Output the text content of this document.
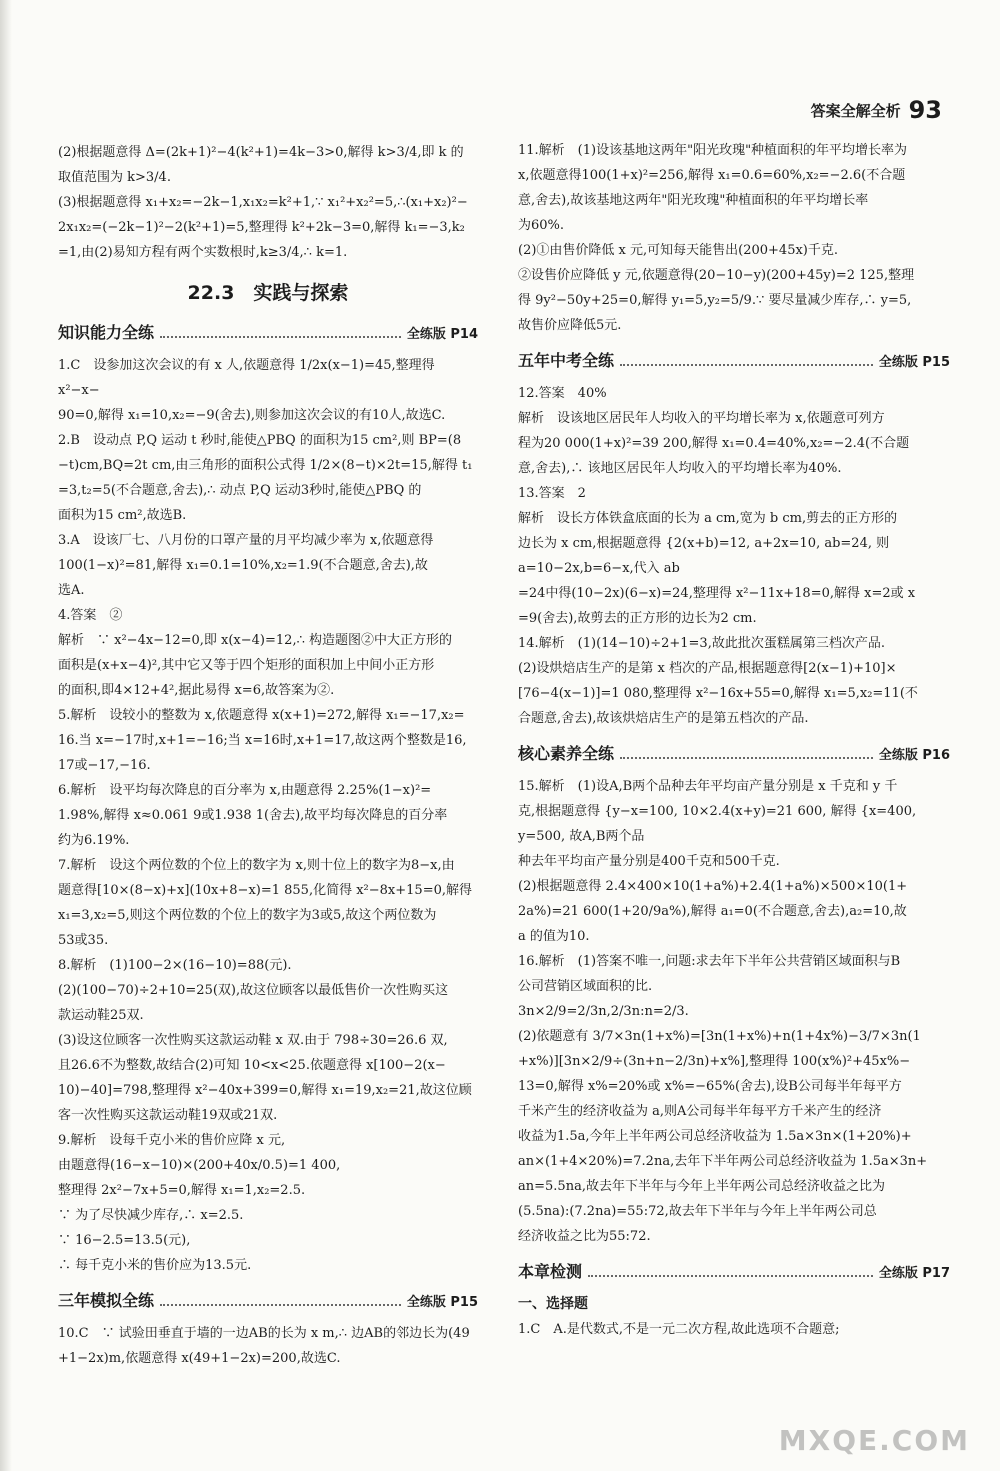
答案全解全析 93

(2)根据题意得 Δ=(2k+1)²−4(k²+1)=4k−3>0,解得 k>3/4,即 k 的

取值范围为 k>3/4.

(3)根据题意得 x₁+x₂=−2k−1,x₁x₂=k²+1,∵ x₁²+x₂²=5,∴(x₁+x₂)²−

2x₁x₂=(−2k−1)²−2(k²+1)=5,整理得 k²+2k−3=0,解得 k₁=−3,k₂

=1,由(2)易知方程有两个实数根时,k≥3/4,∴ k=1.

22.3　实践与探索
知识能力全练	全练版 P14

1.C　设参加这次会议的有 x 人,依题意得 1/2x(x−1)=45,整理得 x²−x−

90=0,解得 x₁=10,x₂=−9(舍去),则参加这次会议的有10人,故选C.

2.B　设动点 P,Q 运动 t 秒时,能使△PBQ 的面积为15 cm²,则 BP=(8

−t)cm,BQ=2t cm,由三角形的面积公式得 1/2×(8−t)×2t=15,解得 t₁

=3,t₂=5(不合题意,舍去),∴ 动点 P,Q 运动3秒时,能使△PBQ 的

面积为15 cm²,故选B.

3.A　设该厂七、八月份的口罩产量的月平均减少率为 x,依题意得

100(1−x)²=81,解得 x₁=0.1=10%,x₂=1.9(不合题意,舍去),故

选A.

4.答案　②

解析　∵ x²−4x−12=0,即 x(x−4)=12,∴ 构造题图②中大正方形的

面积是(x+x−4)²,其中它又等于四个矩形的面积加上中间小正方形

的面积,即4×12+4²,据此易得 x=6,故答案为②.

5.解析　设较小的整数为 x,依题意得 x(x+1)=272,解得 x₁=−17,x₂=

16.当 x=−17时,x+1=−16;当 x=16时,x+1=17,故这两个整数是16,

17或−17,−16.

6.解析　设平均每次降息的百分率为 x,由题意得 2.25%(1−x)²=

1.98%,解得 x≈0.061 9或1.938 1(舍去),故平均每次降息的百分率

约为6.19%.

7.解析　设这个两位数的个位上的数字为 x,则十位上的数字为8−x,由

题意得[10×(8−x)+x](10x+8−x)=1 855,化简得 x²−8x+15=0,解得

x₁=3,x₂=5,则这个两位数的个位上的数字为3或5,故这个两位数为

53或35.

8.解析　(1)100−2×(16−10)=88(元).

(2)(100−70)÷2+10=25(双),故这位顾客以最低售价一次性购买这

款运动鞋25双.

(3)设这位顾客一次性购买这款运动鞋 x 双.由于 798÷30=26.6 双,

且26.6不为整数,故结合(2)可知 10<x<25.依题意得 x[100−2(x−

10)−40]=798,整理得 x²−40x+399=0,解得 x₁=19,x₂=21,故这位顾

客一次性购买这款运动鞋19双或21双.

9.解析　设每千克小米的售价应降 x 元,

由题意得(16−x−10)×(200+40x/0.5)=1 400,

整理得 2x²−7x+5=0,解得 x₁=1,x₂=2.5.

∵ 为了尽快减少库存,∴ x=2.5.

∵ 16−2.5=13.5(元),

∴ 每千克小米的售价应为13.5元.

三年模拟全练	全练版 P15

10.C　∵ 试验田垂直于墙的一边AB的长为 x m,∴ 边AB的邻边长为(49

+1−2x)m,依题意得 x(49+1−2x)=200,故选C.

11.解析　(1)设该基地这两年"阳光玫瑰"种植面积的年平均增长率为

x,依题意得100(1+x)²=256,解得 x₁=0.6=60%,x₂=−2.6(不合题

意,舍去),故该基地这两年"阳光玫瑰"种植面积的年平均增长率

为60%.

(2)①由售价降低 x 元,可知每天能售出(200+45x)千克.

②设售价应降低 y 元,依题意得(20−10−y)(200+45y)=2 125,整理

得 9y²−50y+25=0,解得 y₁=5,y₂=5/9.∵ 要尽量减少库存,∴ y=5,

故售价应降低5元.

五年中考全练	全练版 P15

12.答案　40%

解析　设该地区居民年人均收入的平均增长率为 x,依题意可列方

程为20 000(1+x)²=39 200,解得 x₁=0.4=40%,x₂=−2.4(不合题

意,舍去),∴ 该地区居民年人均收入的平均增长率为40%.

13.答案　2

解析　设长方体铁盒底面的长为 a cm,宽为 b cm,剪去的正方形的

边长为 x cm,根据题意得 {2(x+b)=12, a+2x=10, ab=24, 则 a=10−2x,b=6−x,代入 ab

=24中得(10−2x)(6−x)=24,整理得 x²−11x+18=0,解得 x=2或 x

=9(舍去),故剪去的正方形的边长为2 cm.

14.解析　(1)(14−10)÷2+1=3,故此批次蛋糕属第三档次产品.

(2)设烘焙店生产的是第 x 档次的产品,根据题意得[2(x−1)+10]×

[76−4(x−1)]=1 080,整理得 x²−16x+55=0,解得 x₁=5,x₂=11(不

合题意,舍去),故该烘焙店生产的是第五档次的产品.

核心素养全练	全练版 P16

15.解析　(1)设A,B两个品种去年平均亩产量分别是 x 千克和 y 千

克,根据题意得 {y−x=100, 10×2.4(x+y)=21 600, 解得 {x=400, y=500, 故A,B两个品

种去年平均亩产量分别是400千克和500千克.

(2)根据题意得 2.4×400×10(1+a%)+2.4(1+a%)×500×10(1+

2a%)=21 600(1+20/9a%),解得 a₁=0(不合题意,舍去),a₂=10,故

a 的值为10.

16.解析　(1)答案不唯一,问题:求去年下半年公共营销区域面积与B

公司营销区域面积的比.

3n×2/9=2/3n,2/3n:n=2/3.

(2)依题意有 3/7×3n(1+x%)=[3n(1+x%)+n(1+4x%)−3/7×3n(1

+x%)][3n×2/9÷(3n+n−2/3n)+x%],整理得 100(x%)²+45x%−

13=0,解得 x%=20%或 x%=−65%(舍去),设B公司每半年每平方

千米产生的经济收益为 a,则A公司每半年每平方千米产生的经济

收益为1.5a,今年上半年两公司总经济收益为 1.5a×3n×(1+20%)+

an×(1+4×20%)=7.2na,去年下半年两公司总经济收益为 1.5a×3n+

an=5.5na,故去年下半年与今年上半年两公司总经济收益之比为

(5.5na):(7.2na)=55:72,故去年下半年与今年上半年两公司总

经济收益之比为55:72.

本章检测	全练版 P17

一、选择题

1.C　A.是代数式,不是一元二次方程,故此选项不合题意;

MXQE.COM
